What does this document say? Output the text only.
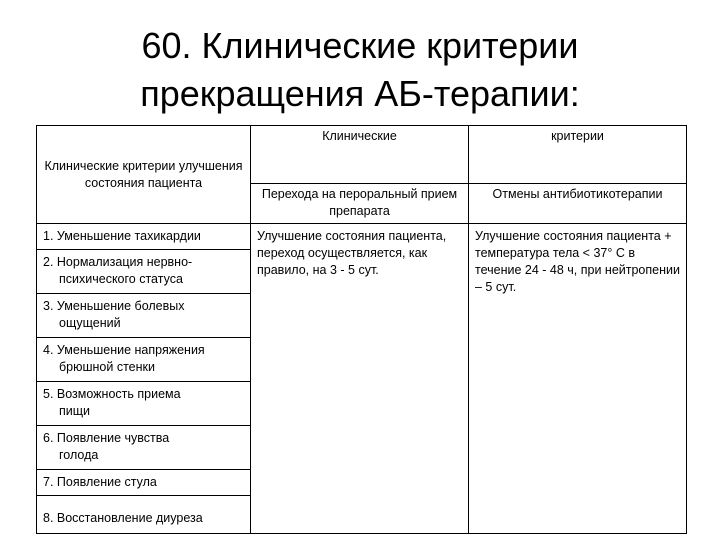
60. Клинические критерии
прекращения АБ-терапии:
Клинические критерии улучшения состояния пациента	Клинические	критерии
	Перехода на пероральный прием препарата	Отмены антибиотикотерапии

1. Уменьшение тахикардии	Улучшение состояния пациента, переход осуществляется, как правило, на 3 - 5 сут.	Улучшение состояния пациента + температура тела < 37° С в течение 24 - 48 ч, при нейтропении – 5 сут.

2. Нормализация нервно-
психического статуса		

3. Уменьшение болевых
ощущений		

4. Уменьшение напряжения
брюшной стенки		

5. Возможность приема
пищи		

6. Появление чувства
голода		

7. Появление стула		

8. Восстановление диуреза		
